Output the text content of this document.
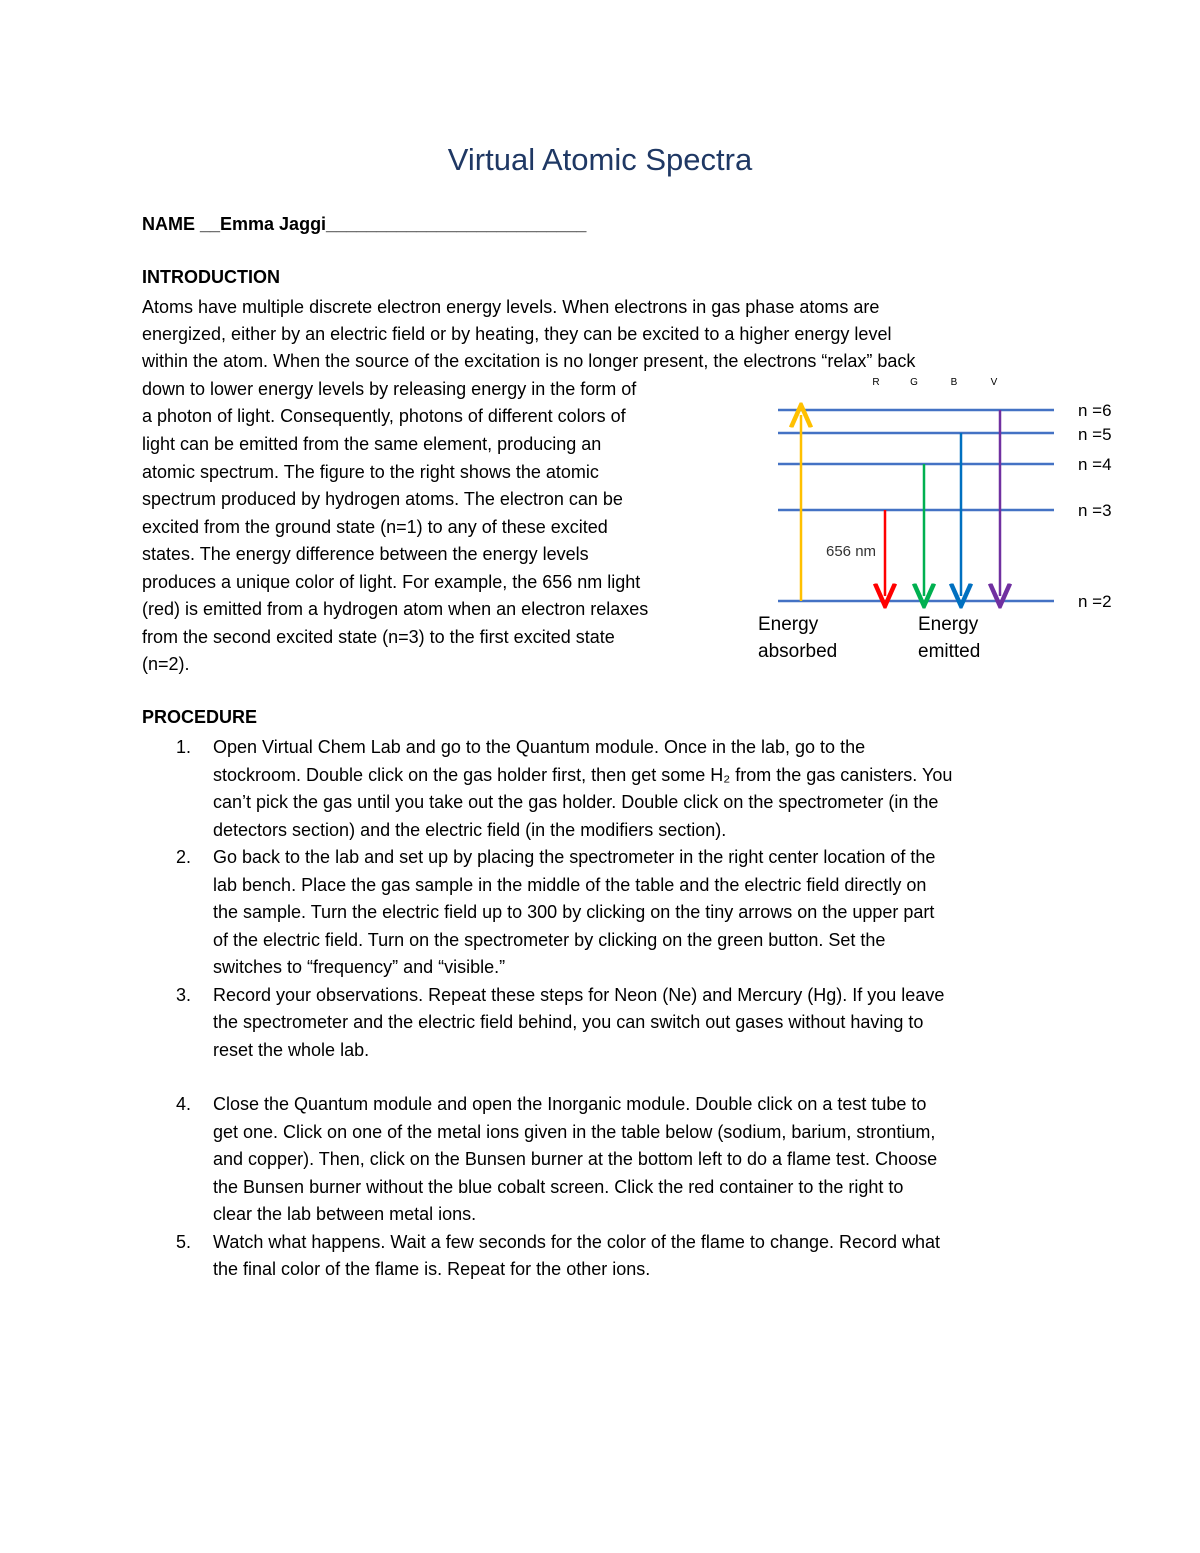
Virtual Atomic Spectra
NAME __Emma Jaggi__________________________
INTRODUCTION
Atoms have multiple discrete electron energy levels. When electrons in gas phase atoms are
energized, either by an electric field or by heating, they can be excited to a higher energy level
within the atom. When the source of the excitation is no longer present, the electrons “relax” back
down to lower energy levels by releasing energy in the form of
a photon of light. Consequently, photons of different colors of
light can be emitted from the same element, producing an
atomic spectrum. The figure to the right shows the atomic
spectrum produced by hydrogen atoms. The electron can be
excited from the ground state (n=1) to any of these excited
states. The energy difference between the energy levels
produces a unique color of light. For example, the 656 nm light
(red) is emitted from a hydrogen atom when an electron relaxes
from the second excited state (n=3) to the first excited state
(n=2).
R	G	B	V
n =6
n =5
n =4
n =3
n =2
656 nm
Energy
absorbed
Energy
emitted
PROCEDURE
1. Open Virtual Chem Lab and go to the Quantum module. Once in the lab, go to the
stockroom. Double click on the gas holder first, then get some H₂ from the gas canisters. You
can’t pick the gas until you take out the gas holder. Double click on the spectrometer (in the
detectors section) and the electric field (in the modifiers section).
2. Go back to the lab and set up by placing the spectrometer in the right center location of the
lab bench. Place the gas sample in the middle of the table and the electric field directly on
the sample. Turn the electric field up to 300 by clicking on the tiny arrows on the upper part
of the electric field. Turn on the spectrometer by clicking on the green button. Set the
switches to “frequency” and “visible.”
3. Record your observations. Repeat these steps for Neon (Ne) and Mercury (Hg). If you leave
the spectrometer and the electric field behind, you can switch out gases without having to
reset the whole lab.
4. Close the Quantum module and open the Inorganic module. Double click on a test tube to
get one. Click on one of the metal ions given in the table below (sodium, barium, strontium,
and copper). Then, click on the Bunsen burner at the bottom left to do a flame test. Choose
the Bunsen burner without the blue cobalt screen. Click the red container to the right to
clear the lab between metal ions.
5. Watch what happens. Wait a few seconds for the color of the flame to change. Record what
the final color of the flame is. Repeat for the other ions.
